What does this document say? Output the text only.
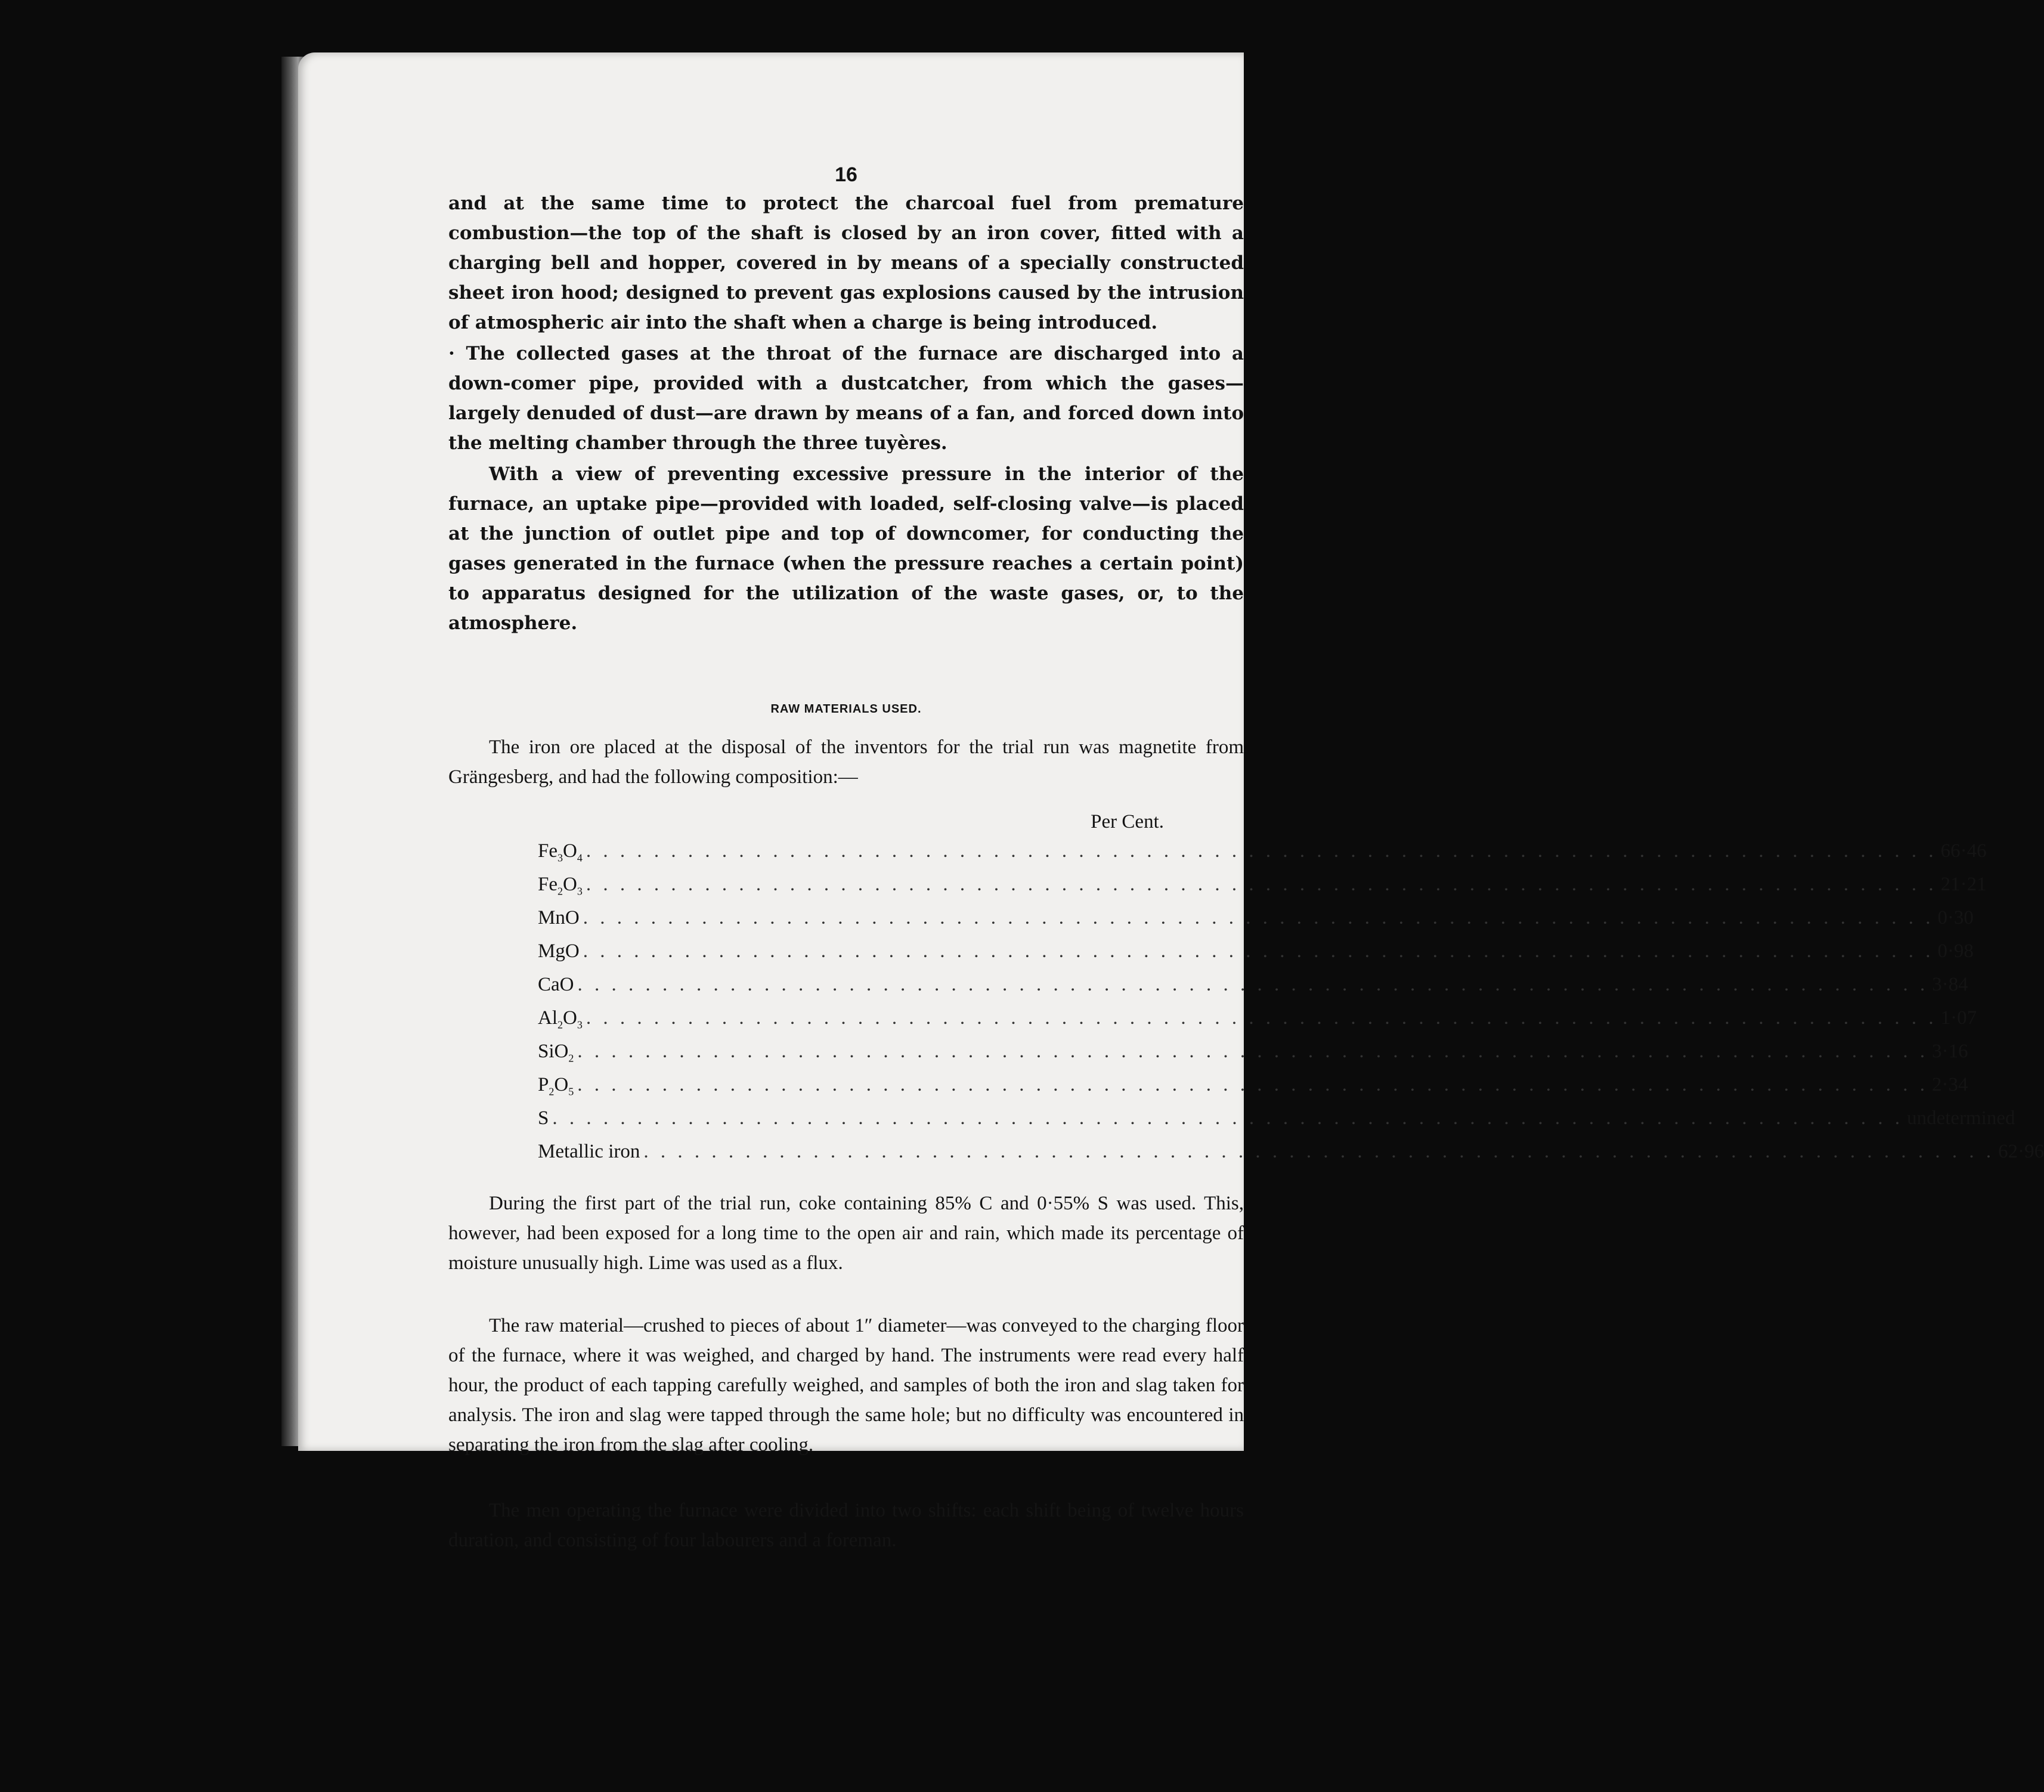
16

and at the same time to protect the charcoal fuel from premature combustion—the top of the shaft is closed by an iron cover, fitted with a charging bell and hopper, covered in by means of a specially constructed sheet iron hood; designed to prevent gas explosions caused by the intrusion of atmospheric air into the shaft when a charge is being introduced.

· The collected gases at the throat of the furnace are discharged into a down-comer pipe, provided with a dustcatcher, from which the gases—largely denuded of dust—are drawn by means of a fan, and forced down into the melting chamber through the three tuyères.

With a view of preventing excessive pressure in the interior of the furnace, an uptake pipe—provided with loaded, self-closing valve—is placed at the junction of outlet pipe and top of downcomer, for conducting the gases generated in the furnace (when the pressure reaches a certain point) to apparatus designed for the utilization of the waste gases, or, to the atmosphere.

RAW MATERIALS USED.

The iron ore placed at the disposal of the inventors for the trial run was magnetite from Grängesberg, and had the following composition:—

Per Cent.
$Fe_3O_4$ . . . . . . . . . . . . . . . . . . . . . . . . . . . . . . . . . . . . . . . . . . . . . . . . . . . . . . . . . . . . . . . . . . . . . . . . . . . . . . . . 66·46
$Fe_2O_3$ . . . . . . . . . . . . . . . . . . . . . . . . . . . . . . . . . . . . . . . . . . . . . . . . . . . . . . . . . . . . . . . . . . . . . . . . . . . . . . . . 21·21
MnO . . . . . . . . . . . . . . . . . . . . . . . . . . . . . . . . . . . . . . . . . . . . . . . . . . . . . . . . . . . . . . . . . . . . . . . . . . . . . . . . 0·30
MgO . . . . . . . . . . . . . . . . . . . . . . . . . . . . . . . . . . . . . . . . . . . . . . . . . . . . . . . . . . . . . . . . . . . . . . . . . . . . . . . . 0·98
CaO . . . . . . . . . . . . . . . . . . . . . . . . . . . . . . . . . . . . . . . . . . . . . . . . . . . . . . . . . . . . . . . . . . . . . . . . . . . . . . . . 3·84
$Al_2O_3$ . . . . . . . . . . . . . . . . . . . . . . . . . . . . . . . . . . . . . . . . . . . . . . . . . . . . . . . . . . . . . . . . . . . . . . . . . . . . . . . . 1·07
SiO$_2$ . . . . . . . . . . . . . . . . . . . . . . . . . . . . . . . . . . . . . . . . . . . . . . . . . . . . . . . . . . . . . . . . . . . . . . . . . . . . . . . . 3·16
$P_2O_5$ . . . . . . . . . . . . . . . . . . . . . . . . . . . . . . . . . . . . . . . . . . . . . . . . . . . . . . . . . . . . . . . . . . . . . . . . . . . . . . . . 2·34
S . . . . . . . . . . . . . . . . . . . . . . . . . . . . . . . . . . . . . . . . . . . . . . . . . . . . . . . . . . . . . . . . . . . . . . . . . . . . . . . . undetermined
Metallic iron . . . . . . . . . . . . . . . . . . . . . . . . . . . . . . . . . . . . . . . . . . . . . . . . . . . . . . . . . . . . . . . . . . . . . . . . . . . . . . . . 62·96

During the first part of the trial run, coke containing 85% C and 0·55% S was used. This, however, had been exposed for a long time to the open air and rain, which made its percentage of moisture unusually high. Lime was used as a flux.

The raw material—crushed to pieces of about 1″ diameter—was conveyed to the charging floor of the furnace, where it was weighed, and charged by hand. The instruments were read every half hour, the product of each tapping carefully weighed, and samples of both the iron and slag taken for analysis. The iron and slag were tapped through the same hole; but no difficulty was encountered in separating the iron from the slag after cooling.

The men operating the furnace were divided into two shifts: each shift being of twelve hours duration, and consisting of four labourers and a foreman.
